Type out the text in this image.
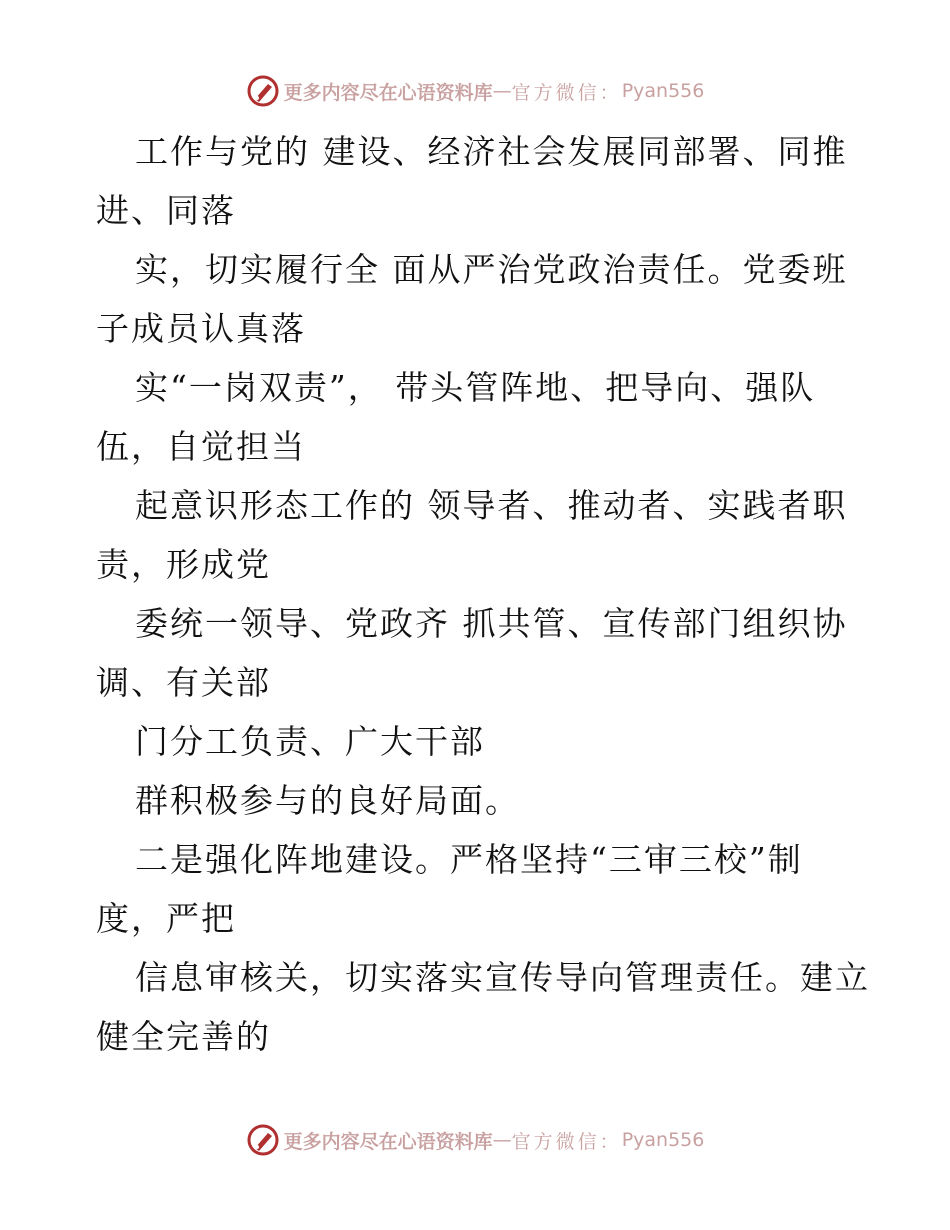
更多内容尽在心语资料库 — 官方微信： Pyan556
工作与党的 建设、经济社会发展同部署、同推
进、同落
实，切实履行全 面从严治党政治责任。党委班
子成员认真落
实“一岗双责”， 带头管阵地、把导向、强队
伍，自觉担当
起意识形态工作的 领导者、推动者、实践者职
责，形成党
委统一领导、党政齐 抓共管、宣传部门组织协
调、有关部
门分工负责、广大干部
群积极参与的良好局面。
二是强化阵地建设。严格坚持“三审三校”制
度，严把
信息审核关，切实落实宣传导向管理责任。建立
健全完善的
更多内容尽在心语资料库 — 官方微信： Pyan556
